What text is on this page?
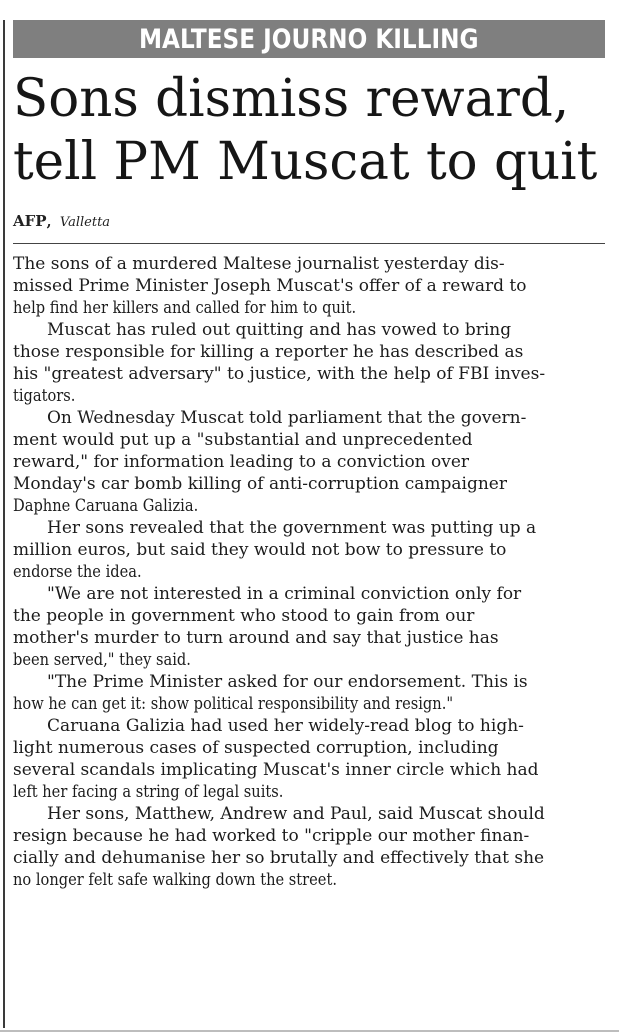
MALTESE JOURNO KILLING
Sons dismiss reward,
tell PM Muscat to quit
AFP, Valletta

The sons of a murdered Maltese journalist yesterday dis-
missed Prime Minister Joseph Muscat's offer of a reward to
help find her killers and called for him to quit.

Muscat has ruled out quitting and has vowed to bring
those responsible for killing a reporter he has described as
his "greatest adversary" to justice, with the help of FBI inves-
tigators.

On Wednesday Muscat told parliament that the govern-
ment would put up a "substantial and unprecedented
reward," for information leading to a conviction over
Monday's car bomb killing of anti-corruption campaigner
Daphne Caruana Galizia.

Her sons revealed that the government was putting up a
million euros, but said they would not bow to pressure to
endorse the idea.

"We are not interested in a criminal conviction only for
the people in government who stood to gain from our
mother's murder to turn around and say that justice has
been served," they said.

"The Prime Minister asked for our endorsement. This is
how he can get it: show political responsibility and resign."

Caruana Galizia had used her widely-read blog to high-
light numerous cases of suspected corruption, including
several scandals implicating Muscat's inner circle which had
left her facing a string of legal suits.

Her sons, Matthew, Andrew and Paul, said Muscat should
resign because he had worked to "cripple our mother finan-
cially and dehumanise her so brutally and effectively that she
no longer felt safe walking down the street.
